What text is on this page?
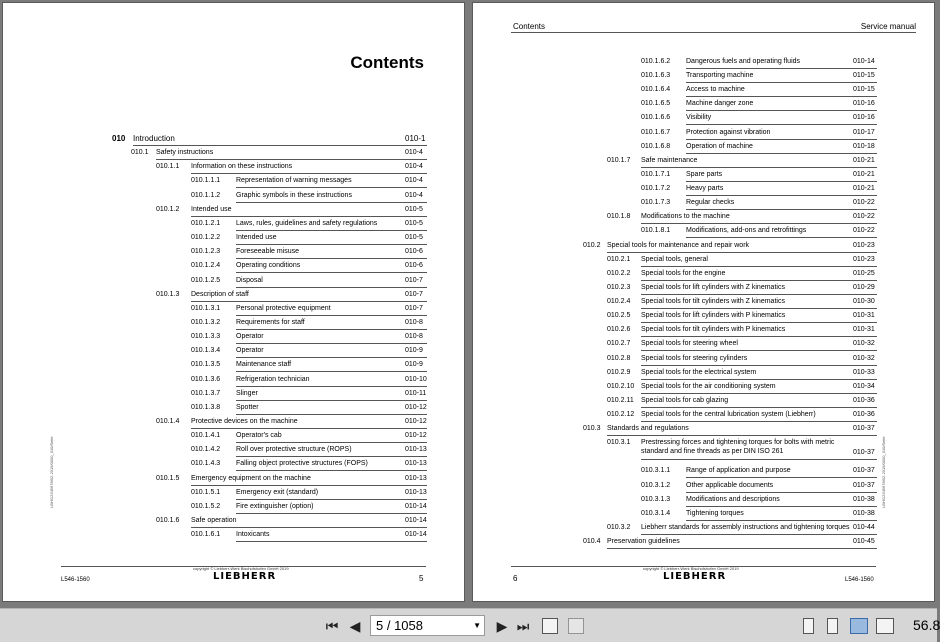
Contents
LBH/12345678/02-2019/0000_010/Seite
010 Introduction	010-1
010.1 Safety instructions	010-4
010.1.1 Information on these instructions	010-4
010.1.1.1 Representation of warning messages	010-4
010.1.1.2 Graphic symbols in these instructions	010-4
010.1.2 Intended use	010-5
010.1.2.1 Laws, rules, guidelines and safety regulations	010-5
010.1.2.2 Intended use	010-5
010.1.2.3 Foreseeable misuse	010-6
010.1.2.4 Operating conditions	010-6
010.1.2.5 Disposal	010-7
010.1.3 Description of staff	010-7
010.1.3.1 Personal protective equipment	010-7
010.1.3.2 Requirements for staff	010-8
010.1.3.3 Operator	010-8
010.1.3.4 Operator	010-9
010.1.3.5 Maintenance staff	010-9
010.1.3.6 Refrigeration technician	010-10
010.1.3.7 Slinger	010-11
010.1.3.8 Spotter	010-12
010.1.4 Protective devices on the machine	010-12
010.1.4.1 Operator's cab	010-12
010.1.4.2 Roll over protective structure (ROPS)	010-13
010.1.4.3 Falling object protective structures (FOPS)	010-13
010.1.5 Emergency equipment on the machine	010-13
010.1.5.1 Emergency exit (standard)	010-13
010.1.5.2 Fire extinguisher (option)	010-14
010.1.6 Safe operation	010-14
010.1.6.1 Intoxicants	010-14
copyright © Liebherr-Werk Bischofshofen GmbH 2019
LIEBHERR
L546-1560	5
Contents	Service manual
LBH/12345678/02-2019/0000_010/Seite
010.1.6.2 Dangerous fuels and operating fluids	010-14
010.1.6.3 Transporting machine	010-15
010.1.6.4 Access to machine	010-15
010.1.6.5 Machine danger zone	010-16
010.1.6.6 Visibility	010-16
010.1.6.7 Protection against vibration	010-17
010.1.6.8 Operation of machine	010-18
010.1.7 Safe maintenance	010-21
010.1.7.1 Spare parts	010-21
010.1.7.2 Heavy parts	010-21
010.1.7.3 Regular checks	010-22
010.1.8 Modifications to the machine	010-22
010.1.8.1 Modifications, add-ons and retrofittings	010-22
010.2 Special tools for maintenance and repair work	010-23
010.2.1 Special tools, general	010-23
010.2.2 Special tools for the engine	010-25
010.2.3 Special tools for lift cylinders with Z kinematics	010-29
010.2.4 Special tools for tilt cylinders with Z kinematics	010-30
010.2.5 Special tools for lift cylinders with P kinematics	010-31
010.2.6 Special tools for tilt cylinders with P kinematics	010-31
010.2.7 Special tools for steering wheel	010-32
010.2.8 Special tools for steering cylinders	010-32
010.2.9 Special tools for the electrical system	010-33
010.2.10 Special tools for the air conditioning system	010-34
010.2.11 Special tools for cab glazing	010-36
010.2.12 Special tools for the central lubrication system (Liebherr)	010-36
010.3 Standards and regulations	010-37
010.3.1 Prestressing forces and tightening torques for bolts with metric standard and fine threads as per DIN ISO 261	010-37
010.3.1.1 Range of application and purpose	010-37
010.3.1.2 Other applicable documents	010-37
010.3.1.3 Modifications and descriptions	010-38
010.3.1.4 Tightening torques	010-38
010.3.2 Liebherr standards for assembly instructions and tightening torques 010-44
010.4 Preservation guidelines	010-45
copyright © Liebherr-Werk Bischofshofen GmbH 2019
LIEBHERR	L546-1560
6
⏮ ◀	5 / 1058	▼ ▶ ⏭	56.8
